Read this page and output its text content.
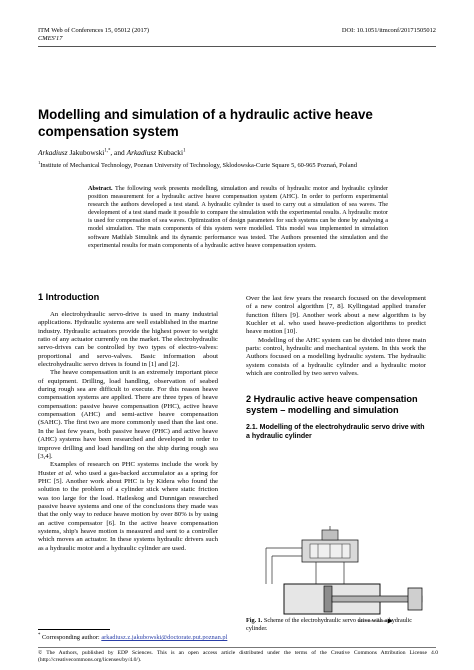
ITM Web of Conferences 15, 05012 (2017)
CMES'17
DOI: 10.1051/itmconf/20171505012
Modelling and simulation of a hydraulic active heave compensation system
Arkadiusz Jakubowski$^{1,*}$, and Arkadiusz Kubacki$^1$
$^1$Institute of Mechanical Technology, Poznan University of Technology, Sklodowska-Curie Square 5, 60-965 Poznań, Poland
Abstract. The following work presents modelling, simulation and results of hydraulic motor and hydraulic cylinder position measurement for a hydraulic active heave compensation system (AHC). In order to perform experimental research the authors developed a test stand. A hydraulic cylinder is used to carry out a simulation of sea waves. The development of a test stand made it possible to compare the simulation with the experimental results. A hydraulic motor is used for compensation of sea waves. Optimization of design parameters for such systems can be done by analysing a model simulation. The main components of this system were modelled. This model was implemented in simulation software Mathlab Simulink and its dynamic performance was tested. The Authors presented the simulation and the experimental results for main components of a hydraulic active heave compensation system.
1 Introduction

An electrohydraulic servo-drive is used in many industrial applications. Hydraulic systems are well established in the marine industry. Hydraulic actuators provide the highest power to weight ratio of any actuator currently on the market. The electrohydraulic servo-drives can be controlled by two types of electro-valves: proportional and servo-valves. Basic information about electrohydraulic servo drives is found in [1] and [2].

The heave compensation unit is an extremely important piece of equipment. Drilling, load handling, observation of seabed during rough sea are difficult to execute. For this reason heave compensation systems are applied. There are three types of heave compensation: passive heave compensation (PHC), active heave compensation (AHC) and semi-active heave compensation (SAHC). The first two are more commonly used than the last one. In the last few years, both passive heave (PHC) and active heave (AHC) systems have been researched and developed in order to improve drilling and load handling on the ship during rough sea [3,4].

Examples of research on PHC systems include the work by Huster et al. who used a gas-backed accumulator as a spring for PHC [5]. Another work about PHC is by Kidera who found the solution to the problem of a cylinder stick where static friction was too large for the load. Hatleskog and Dunnigan researched passive heave systems and one of the conclusions they made was that the only way to reduce heave motion by over 80% is by using an active compensator [6]. In the active heave compensation systems, ship's heave motion is measured and sent to a controller which moves an actuator. In these systems hydraulic drivers such as a hydraulic motor and a hydraulic cylinder are used.

Over the last few years the research focused on the development of a new control algorithm [7, 8]. Kyllingstad applied transfer function filters [9]. Another work about a new algorithm is by Kuchler et al. who used heave-prediction algorithms to predict heave motion [10].

Modelling of the AHC system can be divided into three main parts: control, hydraulic and mechanical system. In this work the Authors focused on a modelling hydraulic system. The hydraulic system consists of a hydraulic cylinder and a hydraulic motor which are controlled by two servo valves.

2 Hydraulic active heave compensation system – modelling and simulation
2.1. Modelling of the electrohydraulic servo drive with a hydraulic cylinder
Fig. 1. Scheme of the electrohydraulic servo drive with a hydraulic cylinder.
* Corresponding author: arkadiusz.z.jakubowski@doctorate.put.poznan.pl
© The Authors, published by EDP Sciences. This is an open access article distributed under the terms of the Creative Commons Attribution License 4.0 (http://creativecommons.org/licenses/by/4.0/).
